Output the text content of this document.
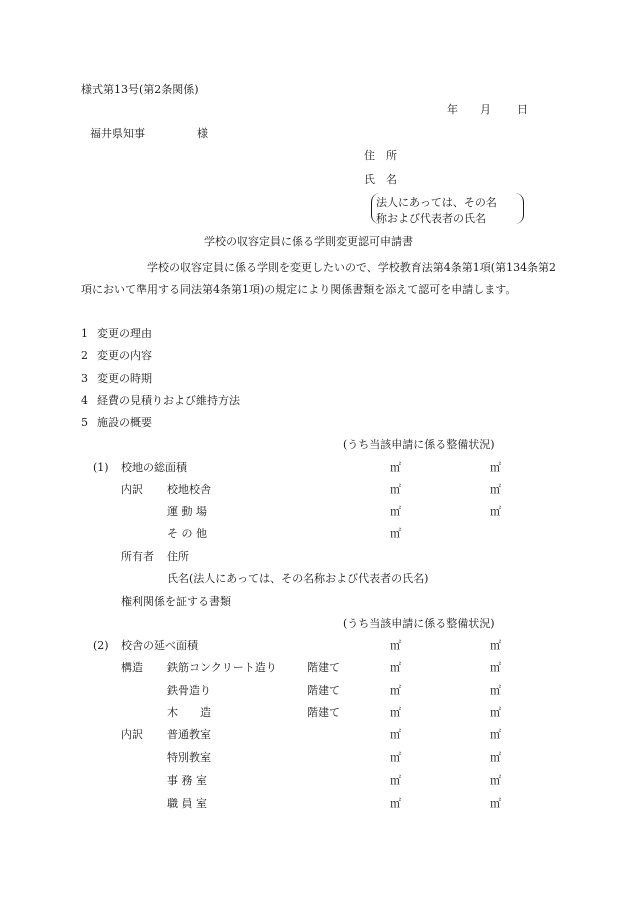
様式第13号(第2条関係)
年 月 日
福井県知事	様
住　所
氏　名
法人にあっては、その名
称および代表者の氏名
学校の収容定員に係る学則変更認可申請書
学校の収容定員に係る学則を変更したいので、学校教育法第4条第1項(第134条第2項において準用する同法第4条第1項)の規定により関係書類を添えて認可を申請します。
1 変更の理由
2 変更の内容
3 変更の時期
4 経費の見積りおよび維持方法
5 施設の概要
(うち当該申請に係る整備状況)
(1) 校地の総面積	㎡	㎡
内訳 校地校舎	㎡	㎡
運 動 場	㎡	㎡
そ の 他	㎡
所有者 住所
氏名(法人にあっては、その名称および代表者の氏名)
権利関係を証する書類
(うち当該申請に係る整備状況)
(2) 校舎の延べ面積	㎡	㎡
構造 鉄筋コンクリート造り	階建て	㎡	㎡
鉄骨造り	階建て	㎡	㎡
木　　造	階建て	㎡	㎡
内訳 普通教室	㎡	㎡
特別教室	㎡	㎡
事 務 室	㎡	㎡
職 員 室	㎡	㎡
